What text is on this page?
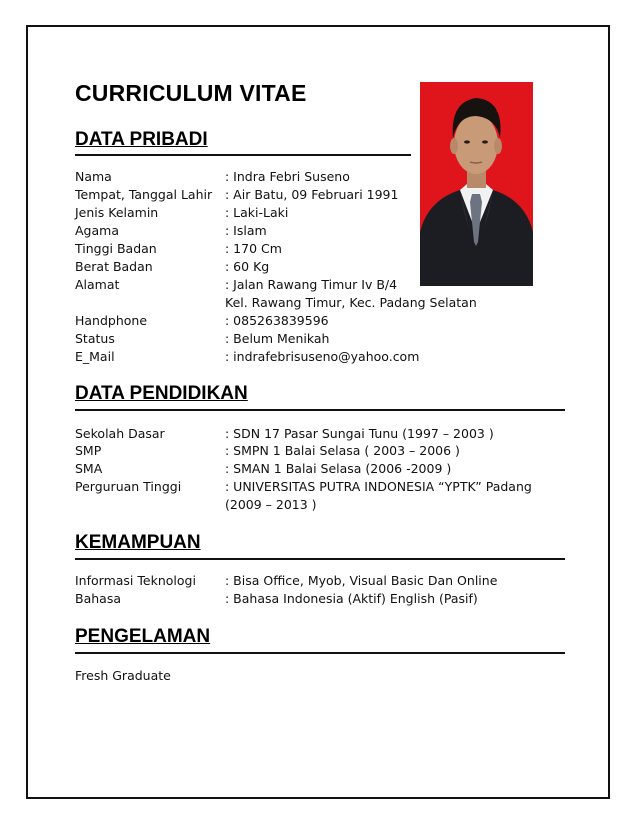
CURRICULUM VITAE
DATA PRIBADI
Nama	: Indra Febri Suseno
Tempat, Tanggal Lahir : Air Batu, 09 Februari 1991
Jenis Kelamin	: Laki-Laki
Agama	: Islam
Tinggi Badan	: 170 Cm
Berat Badan	: 60 Kg
Alamat	: Jalan Rawang Timur Iv B/4
Kel. Rawang Timur, Kec. Padang Selatan
Handphone	: 085263839596
Status	: Belum Menikah
E_Mail	: indrafebrisuseno@yahoo.com
DATA PENDIDIKAN
Sekolah Dasar	: SDN 17 Pasar Sungai Tunu (1997 – 2003 )
SMP	: SMPN 1 Balai Selasa ( 2003 – 2006 )
SMA	: SMAN 1 Balai Selasa (2006 -2009 )
Perguruan Tinggi	: UNIVERSITAS PUTRA INDONESIA “YPTK” Padang
(2009 – 2013 )
KEMAMPUAN
Informasi Teknologi : Bisa Office, Myob, Visual Basic Dan Online
Bahasa	: Bahasa Indonesia (Aktif) English (Pasif)
PENGELAMAN
Fresh Graduate
